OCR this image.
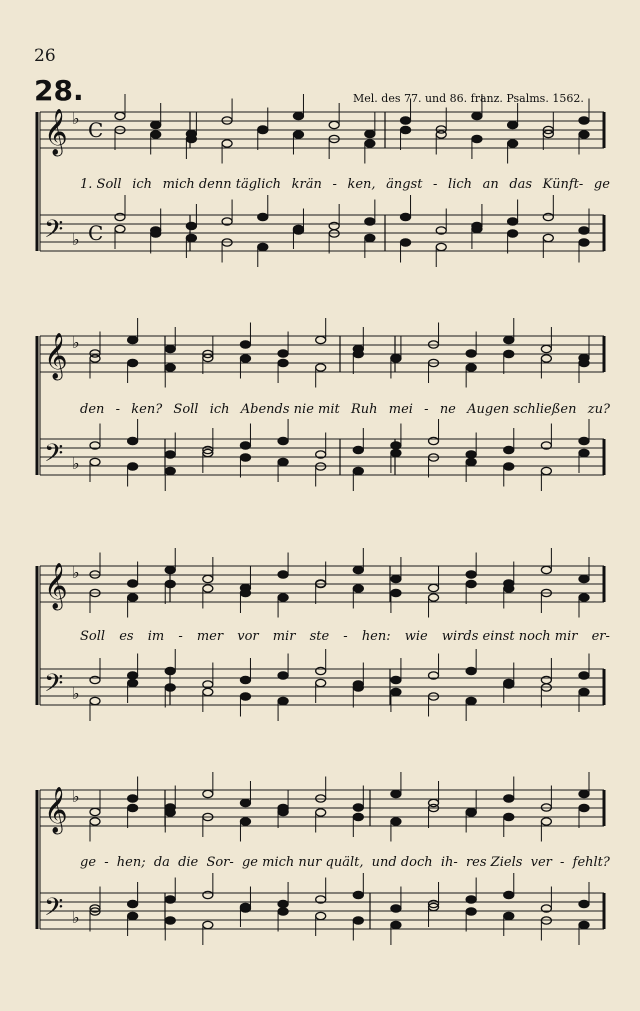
26
28.	Mel. des 77. und 86. franz. Psalms. 1562.
𝄞 ♭ C
𝄢 ♭ C
𝄞 ♭
𝄢 ♭
𝄞 ♭
𝄢 ♭
𝄞 ♭
𝄢 ♭
1. Soll ich mich denn täglich krän - ken, ängst - lich an das Künft- ge
den - ken? Soll ich Abends nie mit Ruh mei - ne Augen schließen zu?
Soll es im - mer vor mir ste - hen: wie wirds einst noch mir er-
ge - hen; da die Sor- ge mich nur quält, und doch ih- res Ziels ver - fehlt?
